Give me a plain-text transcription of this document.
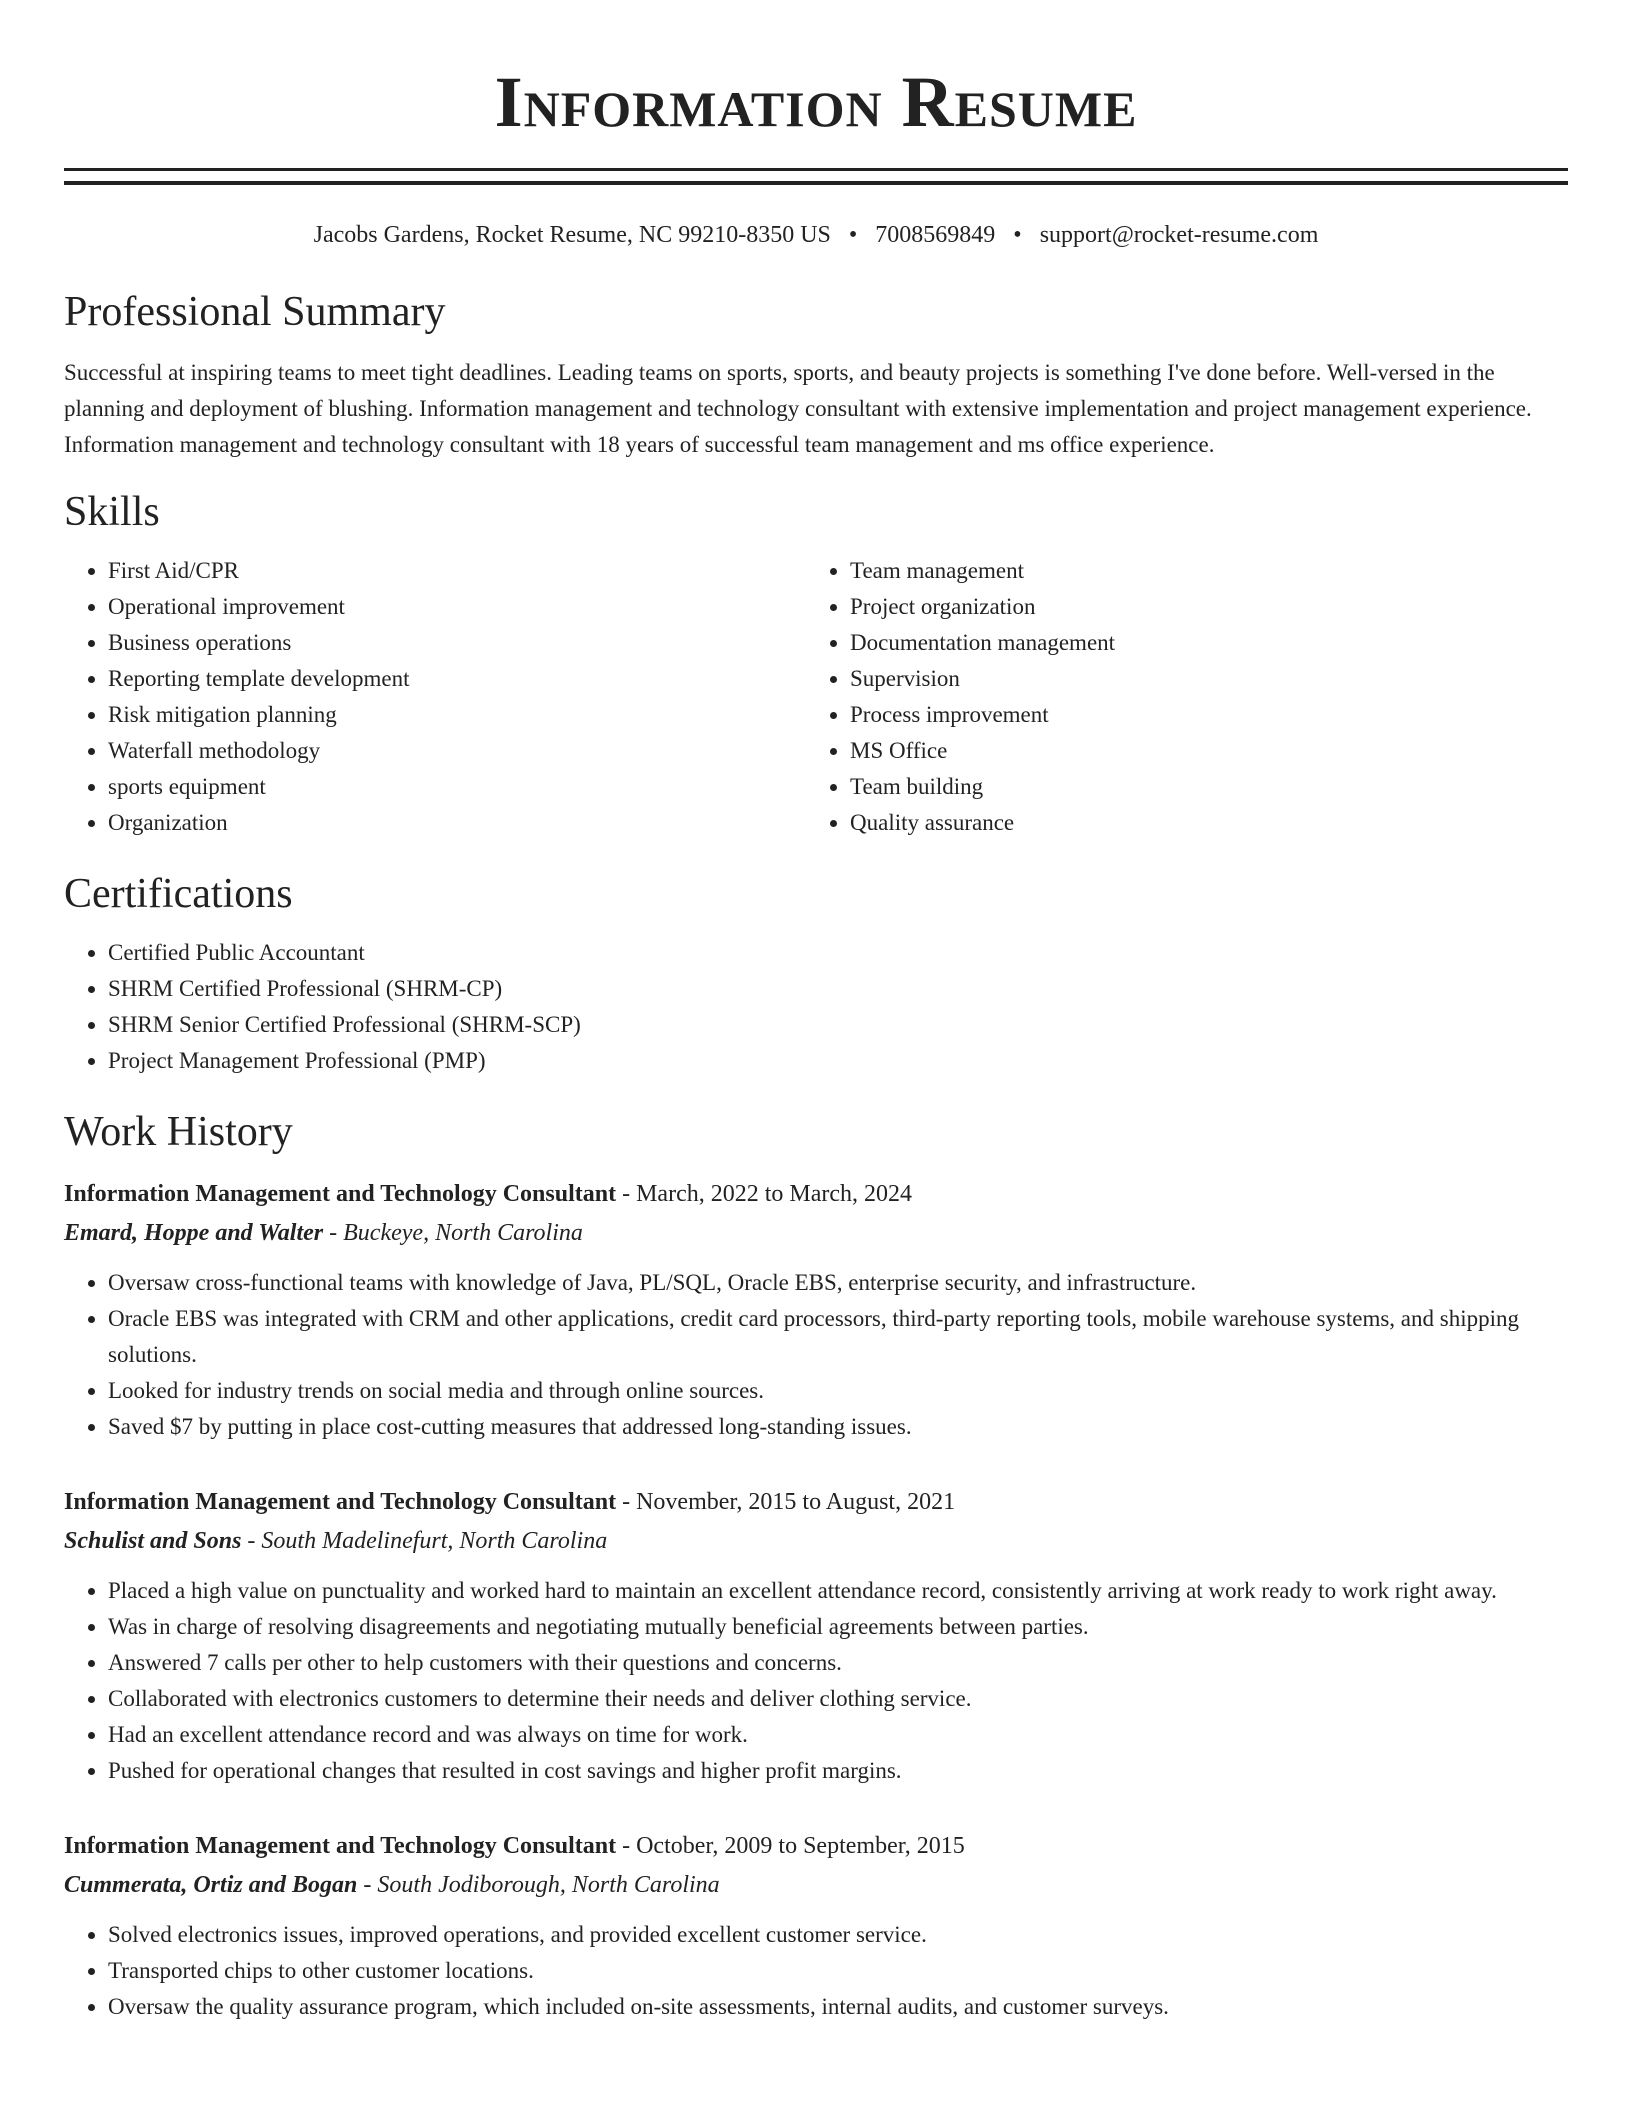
Information Resume
Jacobs Gardens, Rocket Resume, NC 99210-8350 US • 7008569849 • support@rocket-resume.com
Professional Summary

Successful at inspiring teams to meet tight deadlines. Leading teams on sports, sports, and beauty projects is something I've done before. Well-versed in the planning and deployment of blushing. Information management and technology consultant with extensive implementation and project management experience. Information management and technology consultant with 18 years of successful team management and ms office experience.

Skills
• First Aid/CPR
• Operational improvement
• Business operations
• Reporting template development
• Risk mitigation planning
• Waterfall methodology
• sports equipment
• Organization
• Team management
• Project organization
• Documentation management
• Supervision
• Process improvement
• MS Office
• Team building
• Quality assurance
Certifications
• Certified Public Accountant
• SHRM Certified Professional (SHRM-CP)
• SHRM Senior Certified Professional (SHRM-SCP)
• Project Management Professional (PMP)
Work History
Information Management and Technology Consultant - March, 2022 to March, 2024
Emard, Hoppe and Walter - Buckeye, North Carolina
• Oversaw cross-functional teams with knowledge of Java, PL/SQL, Oracle EBS, enterprise security, and infrastructure.
• Oracle EBS was integrated with CRM and other applications, credit card processors, third-party reporting tools, mobile warehouse systems, and shipping solutions.
• Looked for industry trends on social media and through online sources.
• Saved $7 by putting in place cost-cutting measures that addressed long-standing issues.
Information Management and Technology Consultant - November, 2015 to August, 2021
Schulist and Sons - South Madelinefurt, North Carolina
• Placed a high value on punctuality and worked hard to maintain an excellent attendance record, consistently arriving at work ready to work right away.
• Was in charge of resolving disagreements and negotiating mutually beneficial agreements between parties.
• Answered 7 calls per other to help customers with their questions and concerns.
• Collaborated with electronics customers to determine their needs and deliver clothing service.
• Had an excellent attendance record and was always on time for work.
• Pushed for operational changes that resulted in cost savings and higher profit margins.
Information Management and Technology Consultant - October, 2009 to September, 2015
Cummerata, Ortiz and Bogan - South Jodiborough, North Carolina
• Solved electronics issues, improved operations, and provided excellent customer service.
• Transported chips to other customer locations.
• Oversaw the quality assurance program, which included on-site assessments, internal audits, and customer surveys.
